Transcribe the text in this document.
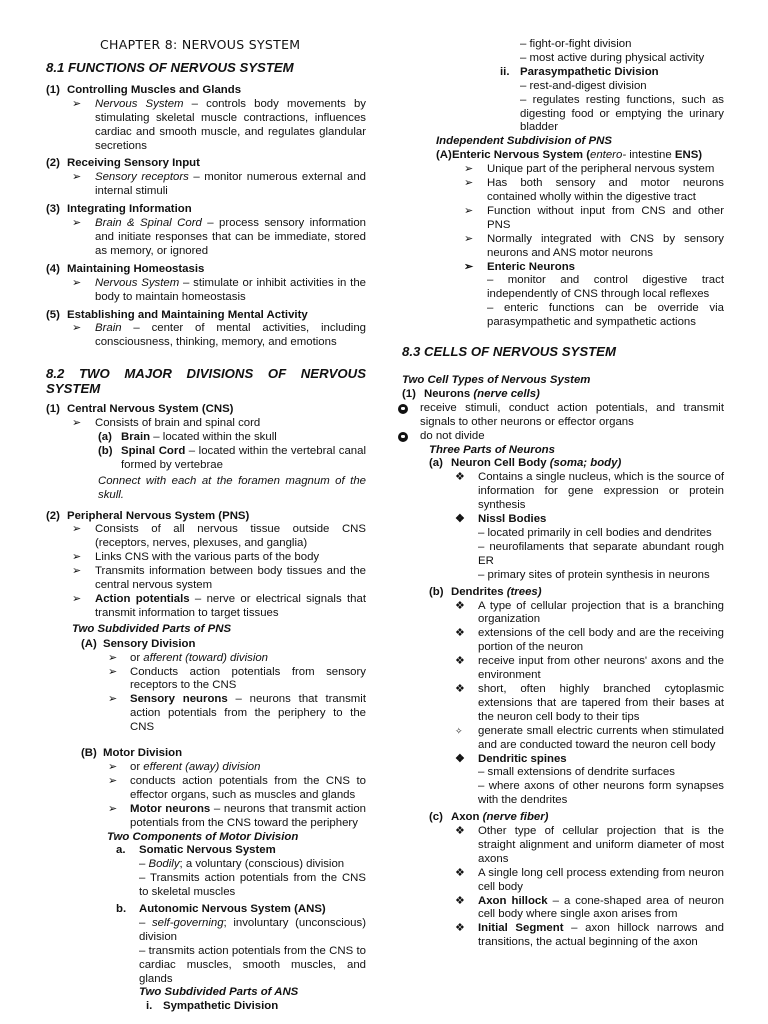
CHAPTER 8: NERVOUS SYSTEM

8.1 FUNCTIONS OF NERVOUS SYSTEM

(1) Controlling Muscles and Glands
➢ Nervous System – controls body movements by stimulating skeletal muscle contractions, influences cardiac and smooth muscle, and regulates glandular secretions
(2) Receiving Sensory Input
➢ Sensory receptors – monitor numerous external and internal stimuli
(3) Integrating Information
➢ Brain & Spinal Cord – process sensory information and initiate responses that can be immediate, stored as memory, or ignored
(4) Maintaining Homeostasis
➢ Nervous System – stimulate or inhibit activities in the body to maintain homeostasis
(5) Establishing and Maintaining Mental Activity
➢ Brain – center of mental activities, including consciousness, thinking, memory, and emotions

8.2 TWO MAJOR DIVISIONS OF NERVOUS SYSTEM

(1) Central Nervous System (CNS)
➢ Consists of brain and spinal cord
(a) Brain – located within the skull
(b) Spinal Cord – located within the vertebral canal formed by vertebrae

Connect with each at the foramen magnum of the skull.

(2) Peripheral Nervous System (PNS)
➢ Consists of all nervous tissue outside CNS (receptors, nerves, plexuses, and ganglia)
➢ Links CNS with the various parts of the body
➢ Transmits information between body tissues and the central nervous system
➢ Action potentials – nerve or electrical signals that transmit information to target tissues

Two Subdivided Parts of PNS

(A) Sensory Division
➢ or afferent (toward) division
➢ Conducts action potentials from sensory receptors to the CNS
➢ Sensory neurons – neurons that transmit action potentials from the periphery to the CNS
(B) Motor Division
➢ or efferent (away) division
➢ conducts action potentials from the CNS to effector organs, such as muscles and glands
➢ Motor neurons – neurons that transmit action potentials from the CNS toward the periphery

Two Components of Motor Division

a. Somatic Nervous System
– Bodily; a voluntary (conscious) division
– Transmits action potentials from the CNS to skeletal muscles
b. Autonomic Nervous System (ANS)
– self-governing; involuntary (unconscious) division
– transmits action potentials from the CNS to cardiac muscles, smooth muscles, and glands

Two Subdivided Parts of ANS

i. Sympathetic Division
– fight-or-fight division
– most active during physical activity
ii. Parasympathetic Division
– rest-and-digest division
– regulates resting functions, such as digesting food or emptying the urinary bladder

Independent Subdivision of PNS

(A) Enteric Nervous System (entero- intestine ENS)
➢ Unique part of the peripheral nervous system
➢ Has both sensory and motor neurons contained wholly within the digestive tract
➢ Function without input from CNS and other PNS
➢ Normally integrated with CNS by sensory neurons and ANS motor neurons
➢ Enteric Neurons
– monitor and control digestive tract independently of CNS through local reflexes
– enteric functions can be override via parasympathetic and sympathetic actions

8.3 CELLS OF NERVOUS SYSTEM

Two Cell Types of Nervous System

(1) Neurons (nerve cells)
receive stimuli, conduct action potentials, and transmit signals to other neurons or effector organs
do not divide

Three Parts of Neurons

(a) Neuron Cell Body (soma; body)
❖ Contains a single nucleus, which is the source of information for gene expression or protein synthesis
❖ Nissl Bodies
– located primarily in cell bodies and dendrites
– neurofilaments that separate abundant rough ER
– primary sites of protein synthesis in neurons
(b) Dendrites (trees)
❖ A type of cellular projection that is a branching organization
❖ extensions of the cell body and are the receiving portion of the neuron
❖ receive input from other neurons' axons and the environment
❖ short, often highly branched cytoplasmic extensions that are tapered from their bases at the neuron cell body to their tips
✧ generate small electric currents when stimulated and are conducted toward the neuron cell body
❖ Dendritic spines
– small extensions of dendrite surfaces
– where axons of other neurons form synapses with the dendrites
(c) Axon (nerve fiber)
❖ Other type of cellular projection that is the straight alignment and uniform diameter of most axons
❖ A single long cell process extending from neuron cell body
❖ Axon hillock – a cone-shaped area of neuron cell body where single axon arises from
❖ Initial Segment – axon hillock narrows and transitions, the actual beginning of the axon
